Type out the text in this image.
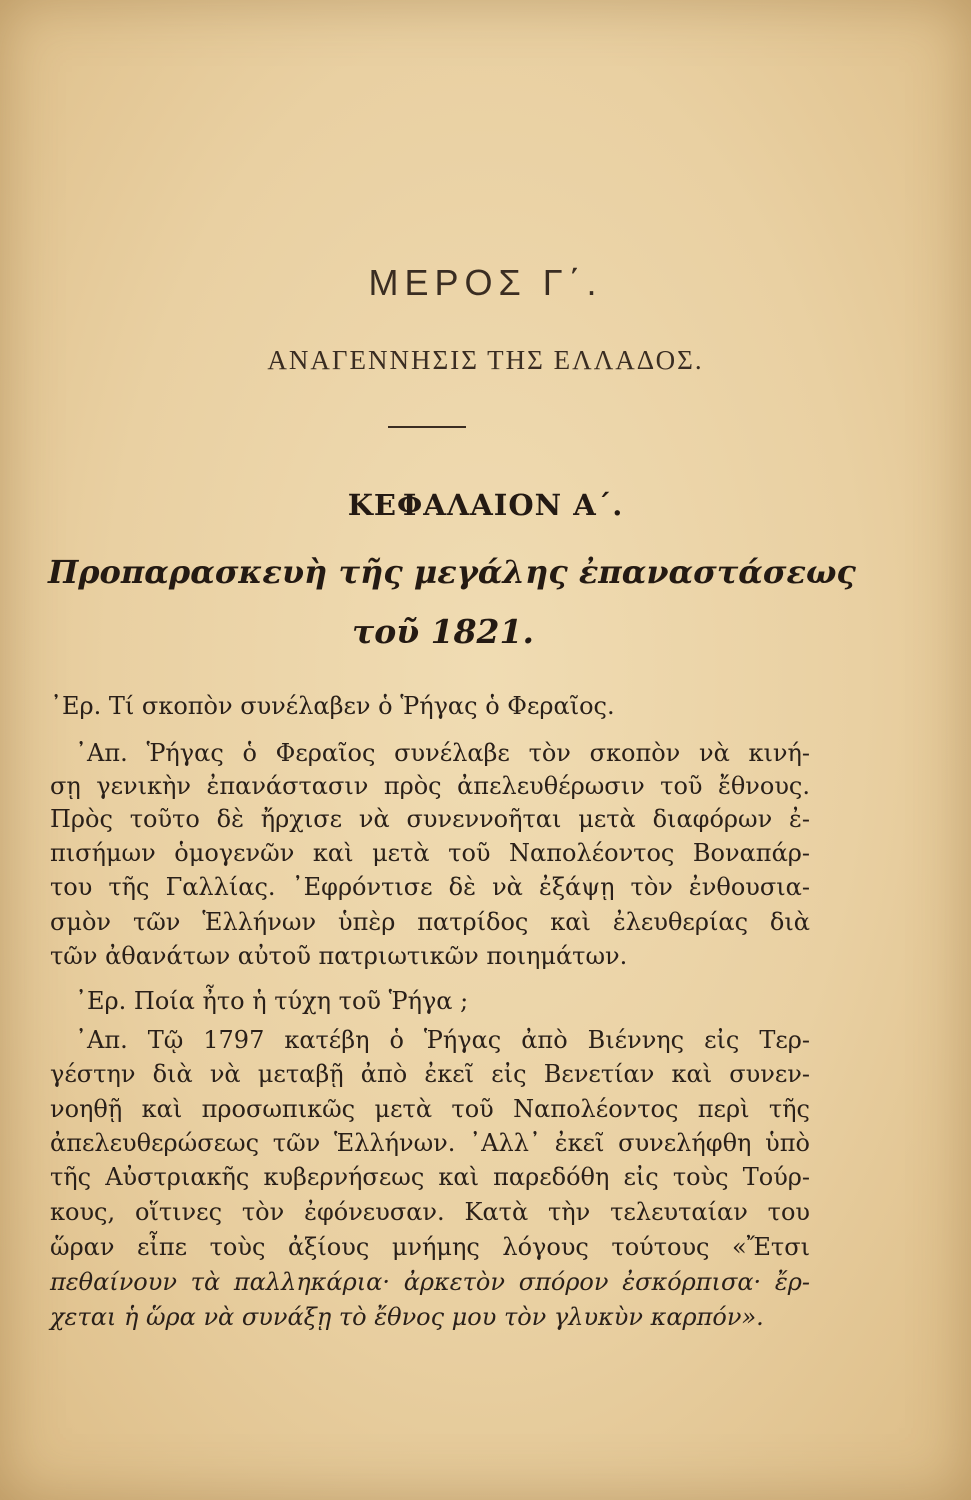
ΜΕΡΟΣ Γ΄.
ΑΝΑΓΕΝΝΗΣΙΣ ΤΗΣ ΕΛΛΑΔΟΣ.
ΚΕΦΑΛΑΙΟΝ Α΄.
Προπαρασκευὴ τῆς μεγάλης ἐπαναστάσεως
τοῦ 1821.
᾿Ερ. Τί σκοπὸν συνέλαβεν ὁ Ῥήγας ὁ Φεραῖος.
᾿Απ. Ῥήγας ὁ Φεραῖος συνέλαβε τὸν σκοπὸν νὰ κινή-
σῃ γενικὴν ἐπανάστασιν πρὸς ἀπελευθέρωσιν τοῦ ἔθνους.
Πρὸς τοῦτο δὲ ἤρχισε νὰ συνεννοῆται μετὰ διαφόρων ἐ-
πισήμων ὁμογενῶν καὶ μετὰ τοῦ Ναπολέοντος Βοναπάρ-
του τῆς Γαλλίας. ᾿Εφρόντισε δὲ νὰ ἐξάψῃ τὸν ἐνθουσια-
σμὸν τῶν Ἑλλήνων ὑπὲρ πατρίδος καὶ ἐλευθερίας διὰ
τῶν ἀθανάτων αὐτοῦ πατριωτικῶν ποιημάτων.
᾿Ερ. Ποία ἦτο ἡ τύχη τοῦ Ῥήγα ;
᾿Απ. Τῷ 1797 κατέβη ὁ Ῥήγας ἀπὸ Βιέννης εἰς Τερ-
γέστην διὰ νὰ μεταβῇ ἀπὸ ἐκεῖ εἰς Βενετίαν καὶ συνεν-
νοηθῇ καὶ προσωπικῶς μετὰ τοῦ Ναπολέοντος περὶ τῆς
ἀπελευθερώσεως τῶν Ἑλλήνων. ᾿Αλλ᾿ ἐκεῖ συνελήφθη ὑπὸ
τῆς Αὐστριακῆς κυβερνήσεως καὶ παρεδόθη εἰς τοὺς Τούρ-
κους, οἵτινες τὸν ἐφόνευσαν. Κατὰ τὴν τελευταίαν του
ὥραν εἶπε τοὺς ἀξίους μνήμης λόγους τούτους «Ἔτσι
πεθαίνουν τὰ παλληκάρια· ἀρκετὸν σπόρον ἐσκόρπισα· ἔρ-
χεται ἡ ὥρα νὰ συνάξῃ τὸ ἔθνος μου τὸν γλυκὺν καρπόν».
